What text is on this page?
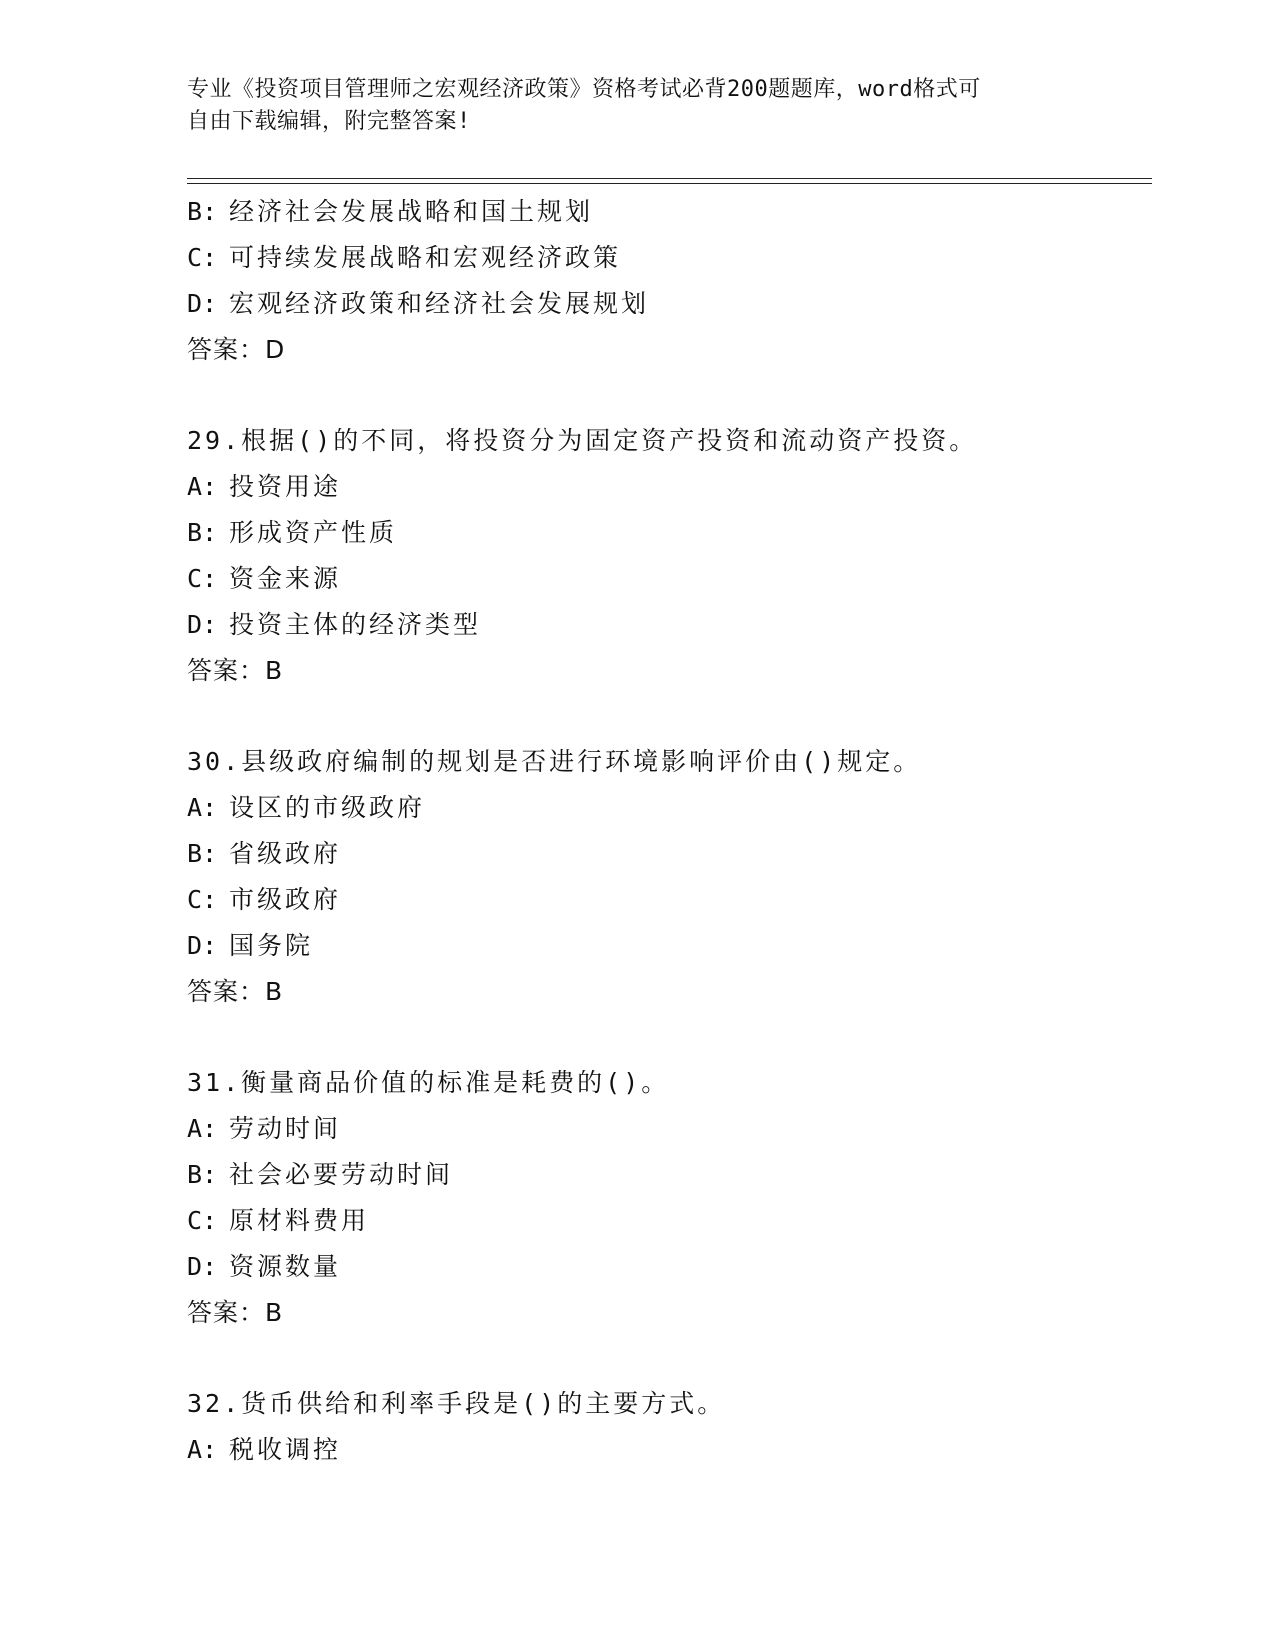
专业《投资项目管理师之宏观经济政策》资格考试必背200题题库，word格式可
自由下载编辑，附完整答案!
B: 经济社会发展战略和国土规划
C: 可持续发展战略和宏观经济政策
D: 宏观经济政策和经济社会发展规划
答案：D
29.根据()的不同，将投资分为固定资产投资和流动资产投资。
A: 投资用途
B: 形成资产性质
C: 资金来源
D: 投资主体的经济类型
答案：B
30.县级政府编制的规划是否进行环境影响评价由()规定。
A: 设区的市级政府
B: 省级政府
C: 市级政府
D: 国务院
答案：B
31.衡量商品价值的标准是耗费的()。
A: 劳动时间
B: 社会必要劳动时间
C: 原材料费用
D: 资源数量
答案：B
32.货币供给和利率手段是()的主要方式。
A: 税收调控
